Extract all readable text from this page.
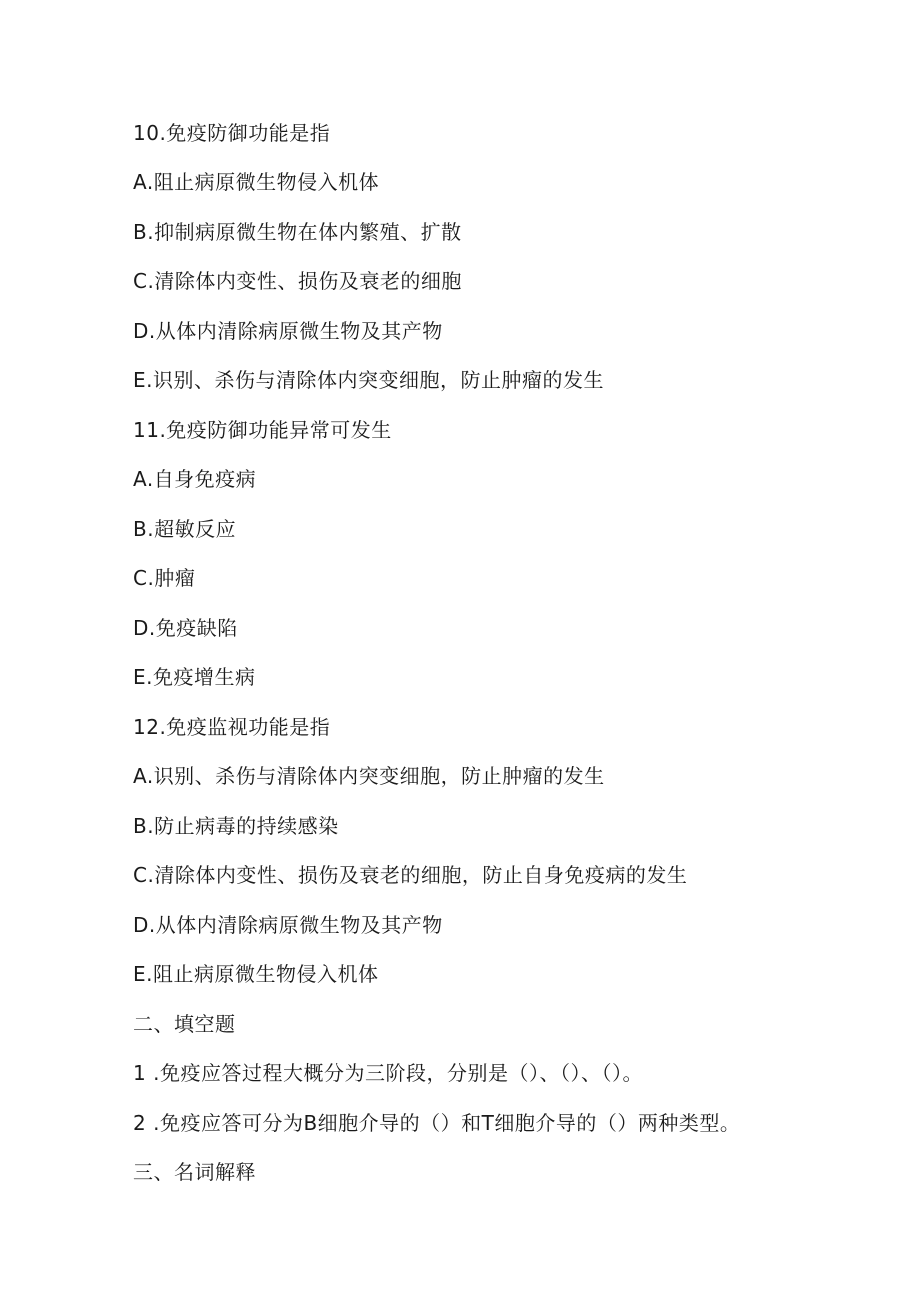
10.免疫防御功能是指
A.阻止病原微生物侵入机体
B.抑制病原微生物在体内繁殖、扩散
C.清除体内变性、损伤及衰老的细胞
D.从体内清除病原微生物及其产物
E.识别、杀伤与清除体内突变细胞，防止肿瘤的发生
11.免疫防御功能异常可发生
A.自身免疫病
B.超敏反应
C.肿瘤
D.免疫缺陷
E.免疫增生病
12.免疫监视功能是指
A.识别、杀伤与清除体内突变细胞，防止肿瘤的发生
B.防止病毒的持续感染
C.清除体内变性、损伤及衰老的细胞，防止自身免疫病的发生
D.从体内清除病原微生物及其产物
E.阻止病原微生物侵入机体
二、填空题
1 .免疫应答过程大概分为三阶段，分别是（）、（）、（）。
2 .免疫应答可分为B细胞介导的（）和T细胞介导的（）两种类型。
三、名词解释
